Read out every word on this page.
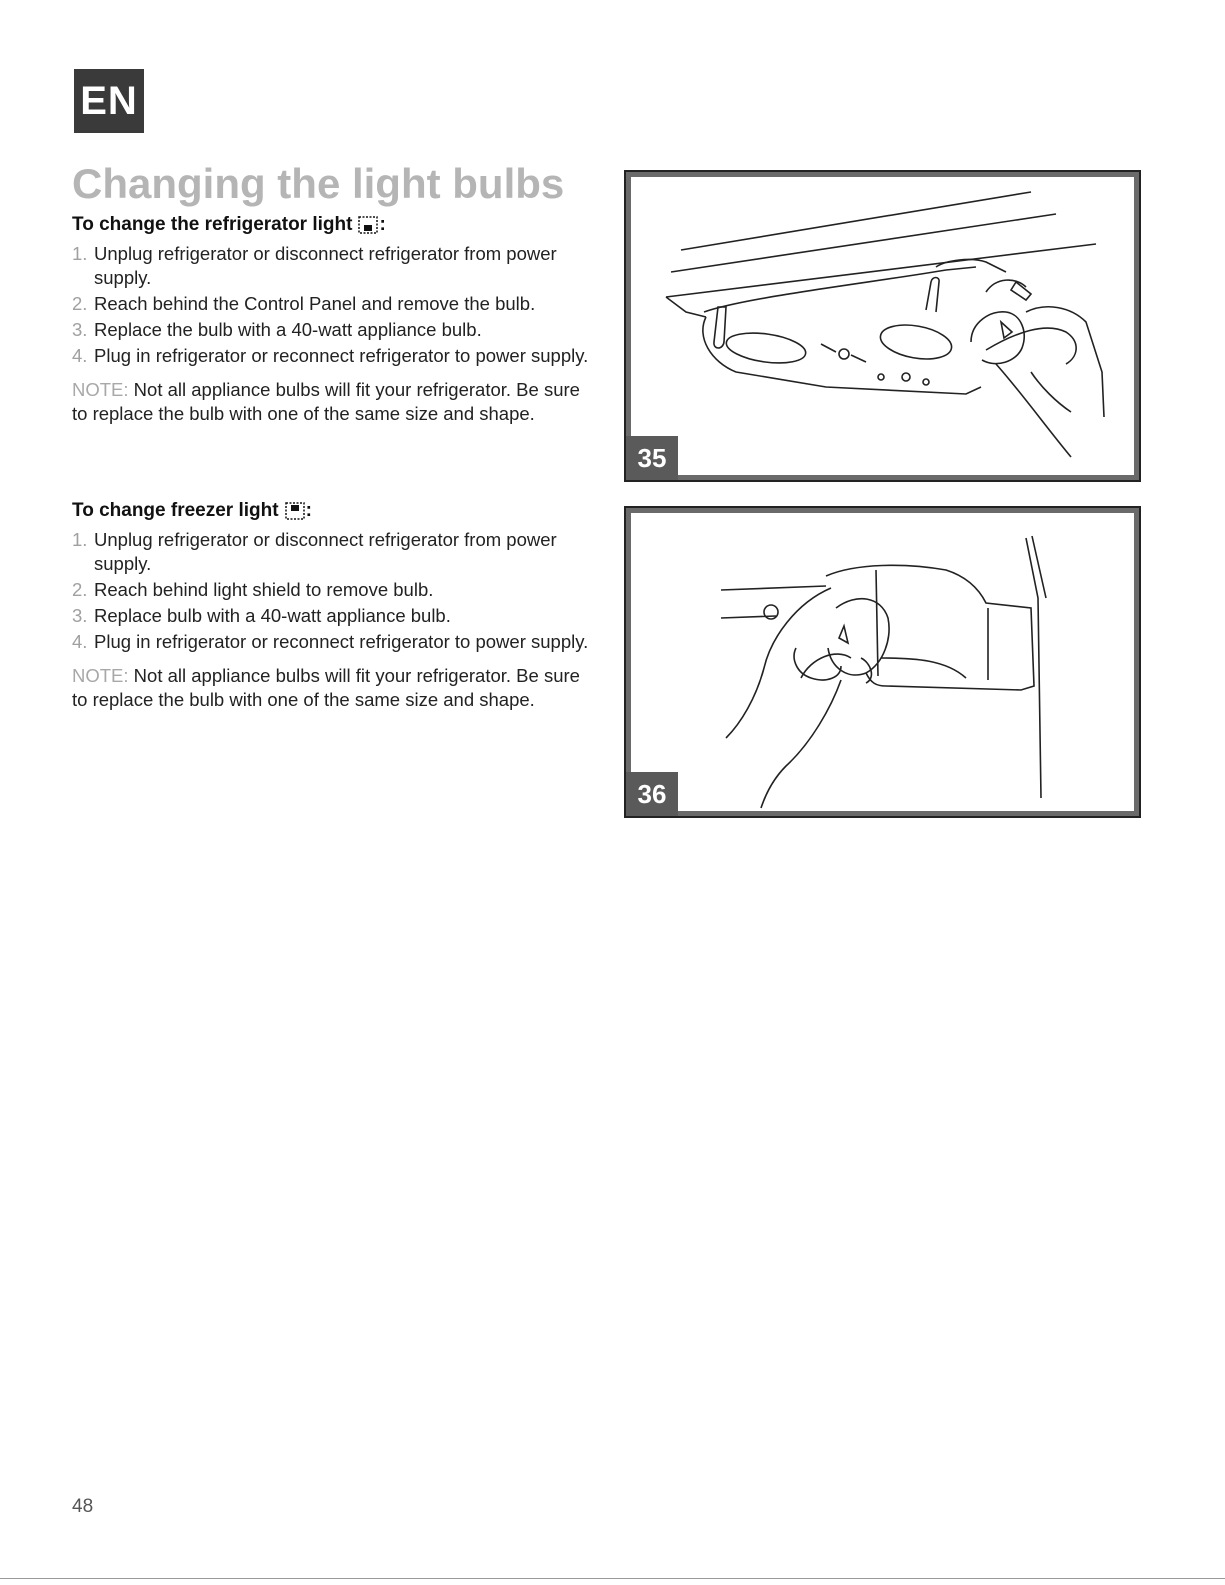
EN
Changing the light bulbs
To change the refrigerator light :
1. Unplug refrigerator or disconnect refrigerator from power supply.
2. Reach behind the Control Panel and remove the bulb.
3. Replace the bulb with a 40-watt appliance bulb.
4. Plug in refrigerator or reconnect refrigerator to power supply.

NOTE: Not all appliance bulbs will fit your refrigerator. Be sure to replace the bulb with one of the same size and shape.

To change freezer light :
1. Unplug refrigerator or disconnect refrigerator from power supply.
2. Reach behind light shield to remove bulb.
3. Replace bulb with a 40-watt appliance bulb.
4. Plug in refrigerator or reconnect refrigerator to power supply.

NOTE: Not all appliance bulbs will fit your refrigerator. Be sure to replace the bulb with one of the same size and shape.

35
36
48
